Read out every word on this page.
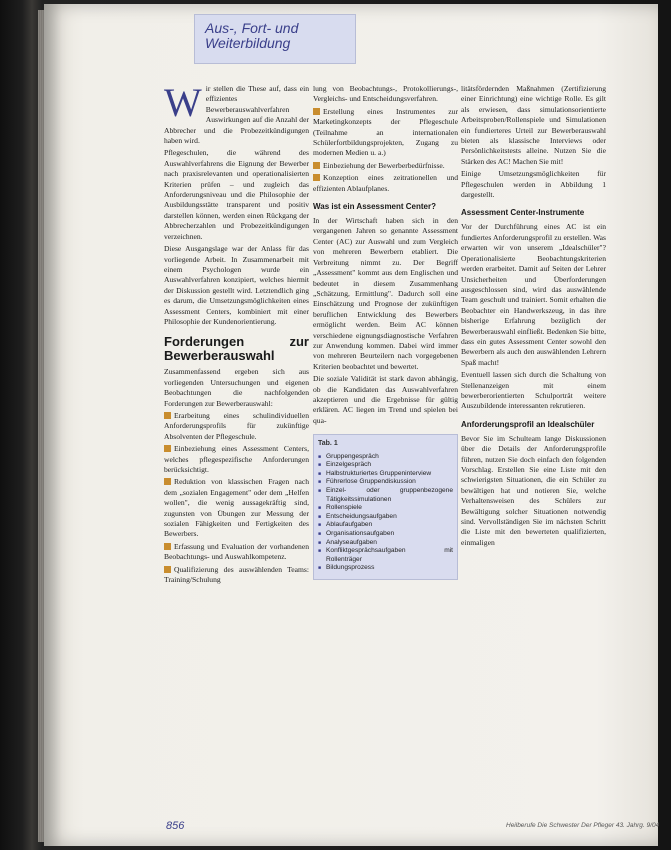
Aus-, Fort- und Weiterbildung

Wir stellen die These auf, dass ein effizientes Bewerberauswahlverfahren Auswirkungen auf die Anzahl der Abbrecher und die Probezeitkündigungen haben wird.

Pflegeschulen, die während des Auswahlverfahrens die Eignung der Bewerber nach praxisrelevanten und operationalisierten Kriterien prüfen – und zugleich das Anforderungsniveau und die Philosophie der Ausbildungsstätte transparent und positiv darstellen können, werden einen Rückgang der Abbrecherzahlen und Probezeitkündigungen verzeichnen.

Diese Ausgangslage war der Anlass für das vorliegende Arbeit. In Zusammenarbeit mit einem Psychologen wurde ein Auswahlverfahren konzipiert, welches hiermit der Diskussion gestellt wird. Letztendlich ging es darum, die Umsetzungsmöglichkeiten eines Assessment Centers, kombiniert mit einer Philosophie der Kundenorientierung.

Forderungen zur Bewerberauswahl

Zusammenfassend ergeben sich aus vorliegenden Untersuchungen und eigenen Beobachtungen die nachfolgenden Forderungen zur Bewerberauswahl:

Erarbeitung eines schulindividuellen Anforderungsprofils für zukünftige Absolventen der Pflegeschule.

Einbeziehung eines Assessment Centers, welches pflegespezifische Anforderungen berücksichtigt.

Reduktion von klassischen Fragen nach dem „sozialen Engagement" oder dem „Helfen wollen", die wenig aussagekräftig sind, zugunsten von Übungen zur Messung der sozialen Fähigkeiten und Fertigkeiten des Bewerbers.

Erfassung und Evaluation der vorhandenen Beobachtungs- und Auswahlkompetenz.

Qualifizierung des auswählenden Teams: Training/Schulung

lung von Beobachtungs-, Protokollierungs-, Vergleichs- und Entscheidungsverfahren.

Erstellung eines Instrumentes zur Marketingkonzepts der Pflegeschule (Teilnahme an internationalen Schülerfortbildungsprojekten, Zugang zu modernen Medien u. a.)

Einbeziehung der Bewerberbedürfnisse.

Konzeption eines zeitrationellen und effizienten Ablaufplanes.

Was ist ein Assessment Center?

In der Wirtschaft haben sich in den vergangenen Jahren so genannte Assessment Center (AC) zur Auswahl und zum Vergleich von mehreren Bewerbern etabliert. Die Verbreitung nimmt zu. Der Begriff „Assessment" kommt aus dem Englischen und bedeutet in diesem Zusammenhang „Schätzung, Ermittlung". Dadurch soll eine Einschätzung und Prognose der zukünftigen beruflichen Entwicklung des Bewerbers ermöglicht werden. Beim AC können verschiedene eignungsdiagnostische Verfahren zur Anwendung kommen. Dabei wird immer von mehreren Beurteilern nach vorgegebenen Kriterien beobachtet und bewertet.

Die soziale Validität ist stark davon abhängig, ob die Kandidaten das Auswahlverfahren akzeptieren und die Ergebnisse für gültig erklären. AC liegen im Trend und spielen bei qua-

Tab. 1
■ Gruppengespräch
■ Einzelgespräch
■ Halbstrukturiertes Gruppeninterview
■ Führerlose Gruppendiskussion
■ Einzel- oder gruppenbezogene Tätigkeitssimulationen
■ Rollenspiele
■ Entscheidungsaufgaben
■ Ablaufaufgaben
■ Organisationsaufgaben
■ Analyseaufgaben
■ Konfliktgesprächsaufgaben mit Rollenträger
■ Bildungsprozess

litätsfördernden Maßnahmen (Zertifizierung einer Einrichtung) eine wichtige Rolle. Es gilt als erwiesen, dass simulationsorientierte Arbeitsproben/Rollenspiele und Simulationen ein fundierteres Urteil zur Bewerberauswahl bieten als klassische Interviews oder Persönlichkeitstests alleine. Nutzen Sie die Stärken des AC! Machen Sie mit!

Einige Umsetzungsmöglichkeiten für Pflegeschulen werden in Abbildung 1 dargestellt.

Assessment Center-Instrumente

Vor der Durchführung eines AC ist ein fundiertes Anforderungsprofil zu erstellen. Was erwarten wir von unserem „Idealschüler"? Operationalisierte Beobachtungskriterien werden erarbeitet. Damit auf Seiten der Lehrer Unsicherheiten und Überforderungen ausgeschlossen sind, wird das auswählende Team geschult und trainiert. Somit erhalten die Beobachter ein Handwerkszeug, in das ihre bisherige Erfahrung bezüglich der Bewerberauswahl einfließt. Bedenken Sie bitte, dass ein gutes Assessment Center sowohl den Bewerbern als auch den auswählenden Lehrern Spaß macht!

Eventuell lassen sich durch die Schaltung von Stellenanzeigen mit einem bewerberorientierten Schulporträt weitere Auszubildende interessanten rekrutieren.

Anforderungsprofil an Idealschüler

Bevor Sie im Schulteam lange Diskussionen über die Details der Anforderungsprofile führen, nutzen Sie doch einfach den folgenden Vorschlag. Erstellen Sie eine Liste mit den schwierigsten Situationen, die ein Schüler zu bewältigen hat und notieren Sie, welche Verhaltensweisen des Schülers zur Bewältigung solcher Situationen notwendig sind. Vervollständigen Sie im nächsten Schritt die Liste mit den bewerteten qualifizierten, einmaligen

856	Heilberufe Die Schwester Der Pfleger 43. Jahrg. 9/04
